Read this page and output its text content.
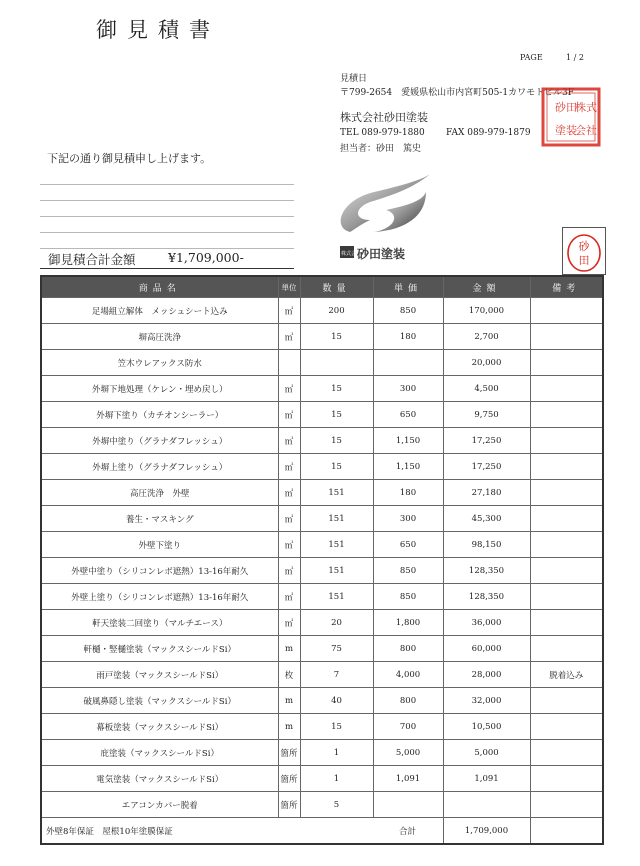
御見積書
PAGE	1 / 2
見積日
〒799-2654　愛媛県松山市内宮町505-1カワモトビル3F
株式会社砂田塗装
TEL 089-979-1880 FAX 089-979-1879
担当者：砂田　篤史
株式
会社
砂田
塗装
下記の通り御見積申し上げます。
御見積合計金額	¥1,709,000-	株式会社
砂田塗装
砂
田
商品名	単位	数量	単価	金額	備考
足場組立解体　メッシュシート込み	㎡	200	850	170,000	
塀高圧洗浄	㎡	15	180	2,700	
笠木ウレアックス防水				20,000	
外塀下地処理（ケレン・埋め戻し）	㎡	15	300	4,500	
外塀下塗り（カチオンシーラー）	㎡	15	650	9,750	
外塀中塗り（グラナダフレッシュ）	㎡	15	1,150	17,250	
外塀上塗り（グラナダフレッシュ）	㎡	15	1,150	17,250	
高圧洗浄　外壁	㎡	151	180	27,180	
養生・マスキング	㎡	151	300	45,300	
外壁下塗り	㎡	151	650	98,150	
外壁中塗り（シリコンレボ遮熱）13-16年耐久	㎡	151	850	128,350	
外壁上塗り（シリコンレボ遮熱）13-16年耐久	㎡	151	850	128,350	
軒天塗装二回塗り（マルチエース）	㎡	20	1,800	36,000	
軒樋・竪樋塗装（マックスシールドSi）	m	75	800	60,000	
雨戸塗装（マックスシールドSi）	枚	7	4,000	28,000	脱着込み
破風鼻隠し塗装（マックスシールドSi）	m	40	800	32,000	
幕板塗装（マックスシールドSi）	m	15	700	10,500	
庇塗装（マックスシールドSi）	箇所	1	5,000	5,000	
電気塗装（マックスシールドSi）	箇所	1	1,091	1,091	
エアコンカバー脱着	箇所	5			
外壁8年保証　屋根10年塗膜保証 合計				1,709,000	
